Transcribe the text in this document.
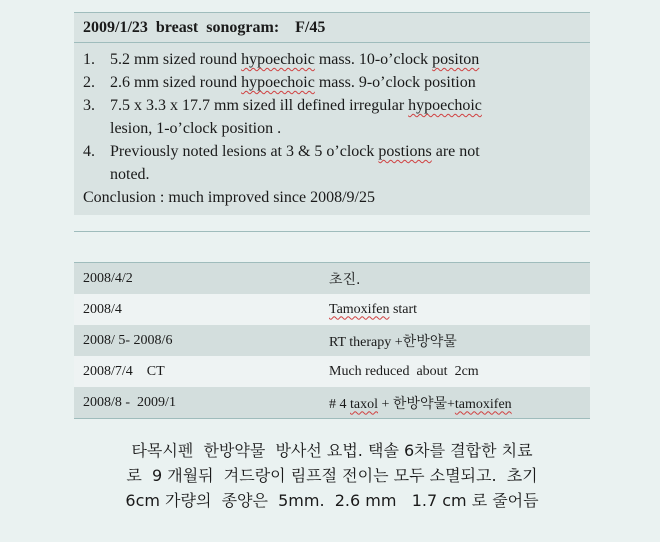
2009/1/23  breast  sonogram:    F/45
1. 5.2 mm sized round hypoechoic mass. 10-o’clock positon
2. 2.6 mm sized round hypoechoic mass. 9-o’clock position
3. 7.5 x 3.3 x 17.7 mm sized ill defined irregular hypoechoic
lesion, 1-o’clock position .
4. Previously noted lesions at 3 & 5 o’clock postions are not
noted.
Conclusion : much improved since 2008/9/25
2008/4/2	초진.
2008/4	Tamoxifen start
2008/ 5- 2008/6	RT therapy +한방약물
2008/7/4    CT	Much reduced  about  2cm
2008/8 -  2009/1	# 4 taxol + 한방약물+tamoxifen
타목시펜  한방약물  방사선 요법. 택솔 6차를 결합한 치료
로  9 개월뒤  겨드랑이 림프절 전이는 모두 소멸되고.  초기
6cm 가량의  종양은  5mm.  2.6 mm   1.7 cm 로 줄어듬
